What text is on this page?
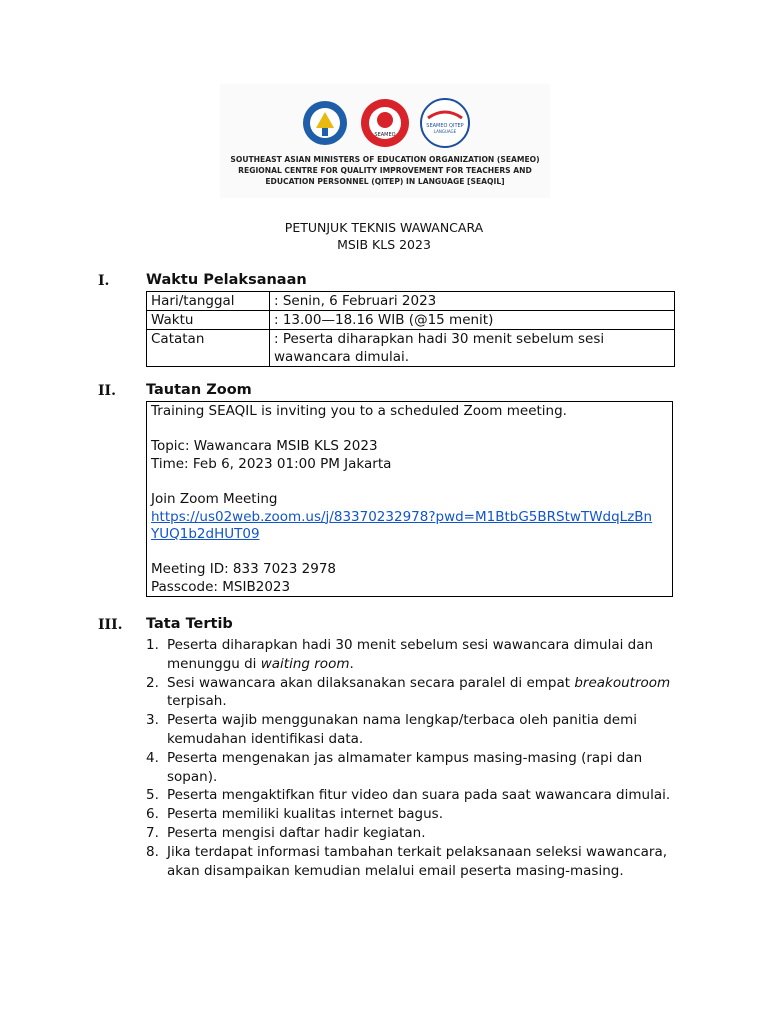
SEAMEO
SEAMEO QITEP
LANGUAGE
SOUTHEAST ASIAN MINISTERS OF EDUCATION ORGANIZATION (SEAMEO)
REGIONAL CENTRE FOR QUALITY IMPROVEMENT FOR TEACHERS AND
EDUCATION PERSONNEL (QITEP) IN LANGUAGE [SEAQIL]
PETUNJUK TEKNIS WAWANCARA
MSIB KLS 2023
I.	Waktu Pelaksanaan
Hari/tanggal	: Senin, 6 Februari 2023
Waktu	: 13.00—18.16 WIB (@15 menit)
Catatan	: Peserta diharapkan hadi 30 menit sebelum sesi wawancara dimulai.
II. Tautan Zoom
Training SEAQIL is inviting you to a scheduled Zoom meeting.
Topic: Wawancara MSIB KLS 2023
Time: Feb 6, 2023 01:00 PM Jakarta
Join Zoom Meeting
https://us02web.zoom.us/j/83370232978?pwd=M1BtbG5BRStwTWdqLzBn
YUQ1b2dHUT09
Meeting ID: 833 7023 2978
Passcode: MSIB2023
III. Tata Tertib
1. Peserta diharapkan hadi 30 menit sebelum sesi wawancara dimulai dan menunggu di waiting room.
2. Sesi wawancara akan dilaksanakan secara paralel di empat breakoutroom terpisah.
3. Peserta wajib menggunakan nama lengkap/terbaca oleh panitia demi kemudahan identifikasi data.
4. Peserta mengenakan jas almamater kampus masing-masing (rapi dan sopan).
5. Peserta mengaktifkan fitur video dan suara pada saat wawancara dimulai.
6. Peserta memiliki kualitas internet bagus.
7. Peserta mengisi daftar hadir kegiatan.
8. Jika terdapat informasi tambahan terkait pelaksanaan seleksi wawancara, akan disampaikan kemudian melalui email peserta masing-masing.
